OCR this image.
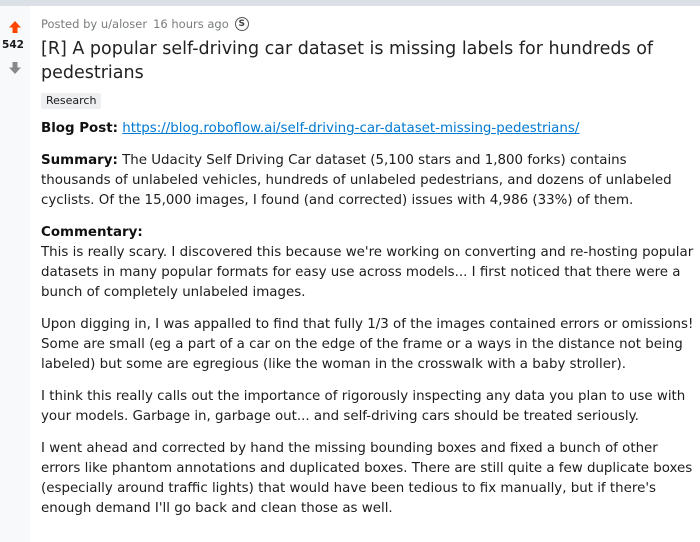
542
Posted by u/aloser 16 hours ago S
[R] A popular self-driving car dataset is missing labels for hundreds of pedestrians
Research

Blog Post: https://blog.roboflow.ai/self-driving-car-dataset-missing-pedestrians/

Summary: The Udacity Self Driving Car dataset (5,100 stars and 1,800 forks) contains thousands of unlabeled vehicles, hundreds of unlabeled pedestrians, and dozens of unlabeled cyclists. Of the 15,000 images, I found (and corrected) issues with 4,986 (33%) of them.

Commentary:
This is really scary. I discovered this because we're working on converting and re-hosting popular datasets in many popular formats for easy use across models... I first noticed that there were a bunch of completely unlabeled images.

Upon digging in, I was appalled to find that fully 1/3 of the images contained errors or omissions! Some are small (eg a part of a car on the edge of the frame or a ways in the distance not being labeled) but some are egregious (like the woman in the crosswalk with a baby stroller).

I think this really calls out the importance of rigorously inspecting any data you plan to use with your models. Garbage in, garbage out... and self-driving cars should be treated seriously.

I went ahead and corrected by hand the missing bounding boxes and fixed a bunch of other errors like phantom annotations and duplicated boxes. There are still quite a few duplicate boxes (especially around traffic lights) that would have been tedious to fix manually, but if there's enough demand I'll go back and clean those as well.
